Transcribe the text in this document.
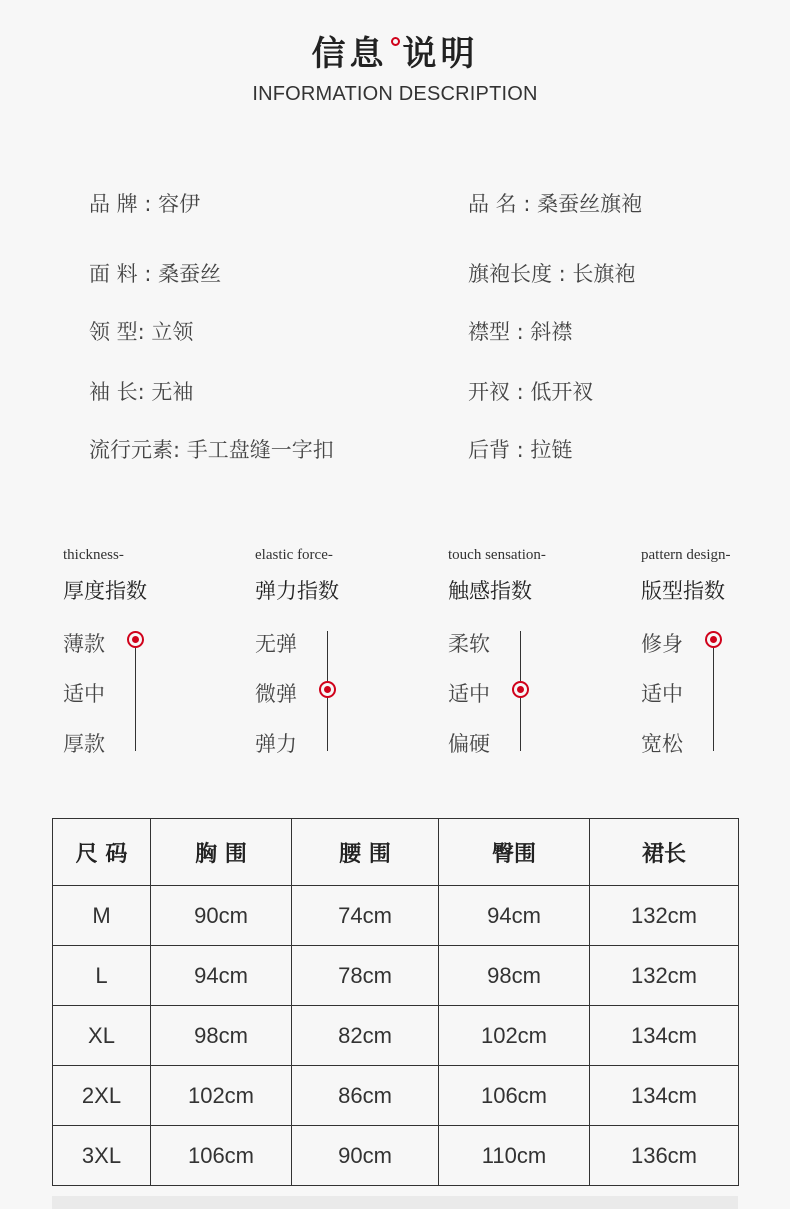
信息 说明
INFORMATION DESCRIPTION
品 牌 : 容伊	品 名 : 桑蚕丝旗袍
面 料 : 桑蚕丝	旗袍长度 : 长旗袍
领 型: 立领	襟型 : 斜襟
袖 长: 无袖	开衩 : 低开衩
流行元素: 手工盘缝一字扣	后背 : 拉链
thickness-
厚度指数
薄款
适中
厚款
elastic force-
弹力指数
无弹
微弹
弹力
touch sensation-
触感指数
柔软
适中
偏硬
pattern design-
版型指数
修身
适中
宽松
尺 码	胸 围	腰 围	臀围	裙长
M	90cm	74cm	94cm	132cm
L	94cm	78cm	98cm	132cm
XL	98cm	82cm	102cm	134cm
2XL	102cm	86cm	106cm	134cm
3XL	106cm	90cm	110cm	136cm
